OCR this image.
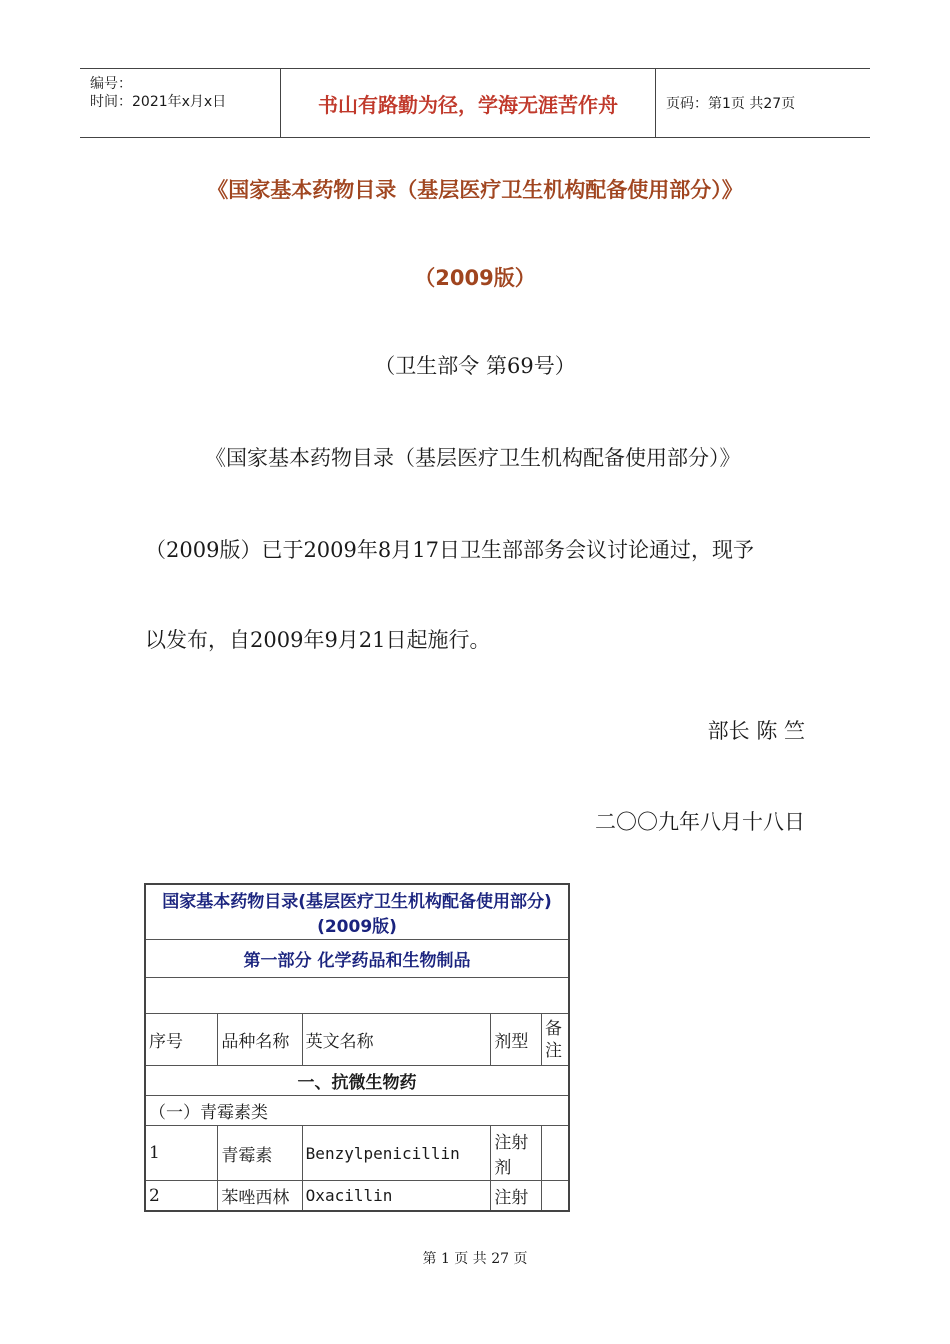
编号：
时间：2021年x月x日	书山有路勤为径，学海无涯苦作舟	页码：第1页 共27页
《国家基本药物目录（基层医疗卫生机构配备使用部分）》
（2009版）
（卫生部令 第69号）
《国家基本药物目录（基层医疗卫生机构配备使用部分）》
（2009版）已于2009年8月17日卫生部部务会议讨论通过，现予
以发布，自2009年9月21日起施行。
部长 陈 竺
二〇〇九年八月十八日
国家基本药物目录(基层医疗卫生机构配备使用部分)(2009版)				
第一部分 化学药品和生物制品				

序号	品种名称	英文名称	剂型	备注
一、抗微生物药				
（一）青霉素类				
1	青霉素	Benzylpenicillin	注射剂	
2	苯唑西林	Oxacillin	注射	
第 1 页 共 27 页
